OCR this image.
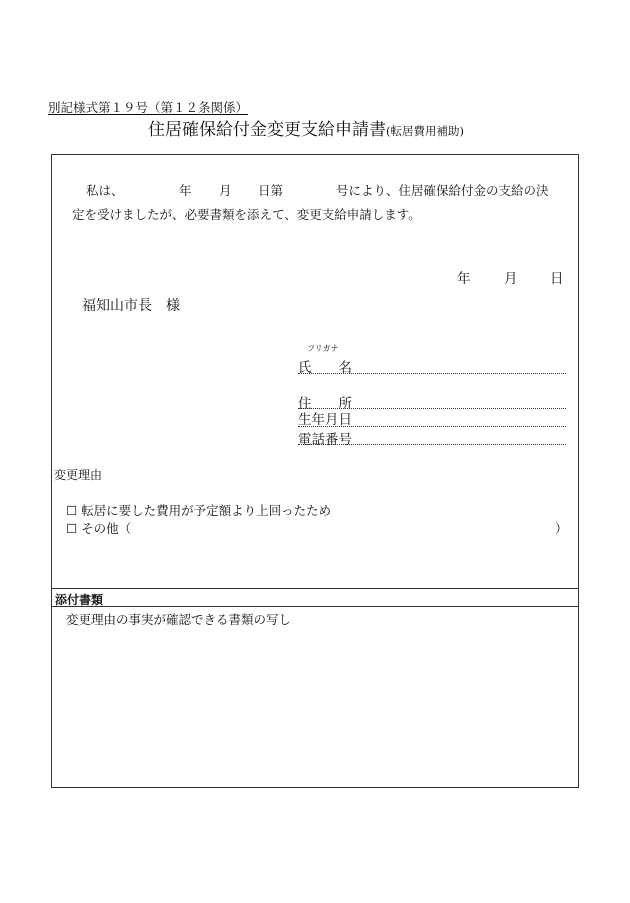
別記様式第１９号（第１２条関係）
住居確保給付金変更支給申請書(転居費用補助)
私は、	年 月 日第	号により、住居確保給付金の支給の決
定を受けましたが、必要書類を添えて、変更支給申請します。
年 月 日
福知山市長　様
フリガナ
氏　　名
住　　所
生年月日
電話番号
変更理由
☐ 転居に要した費用が予定額より上回ったため
☐ その他（	）
添付書類
変更理由の事実が確認できる書類の写し
